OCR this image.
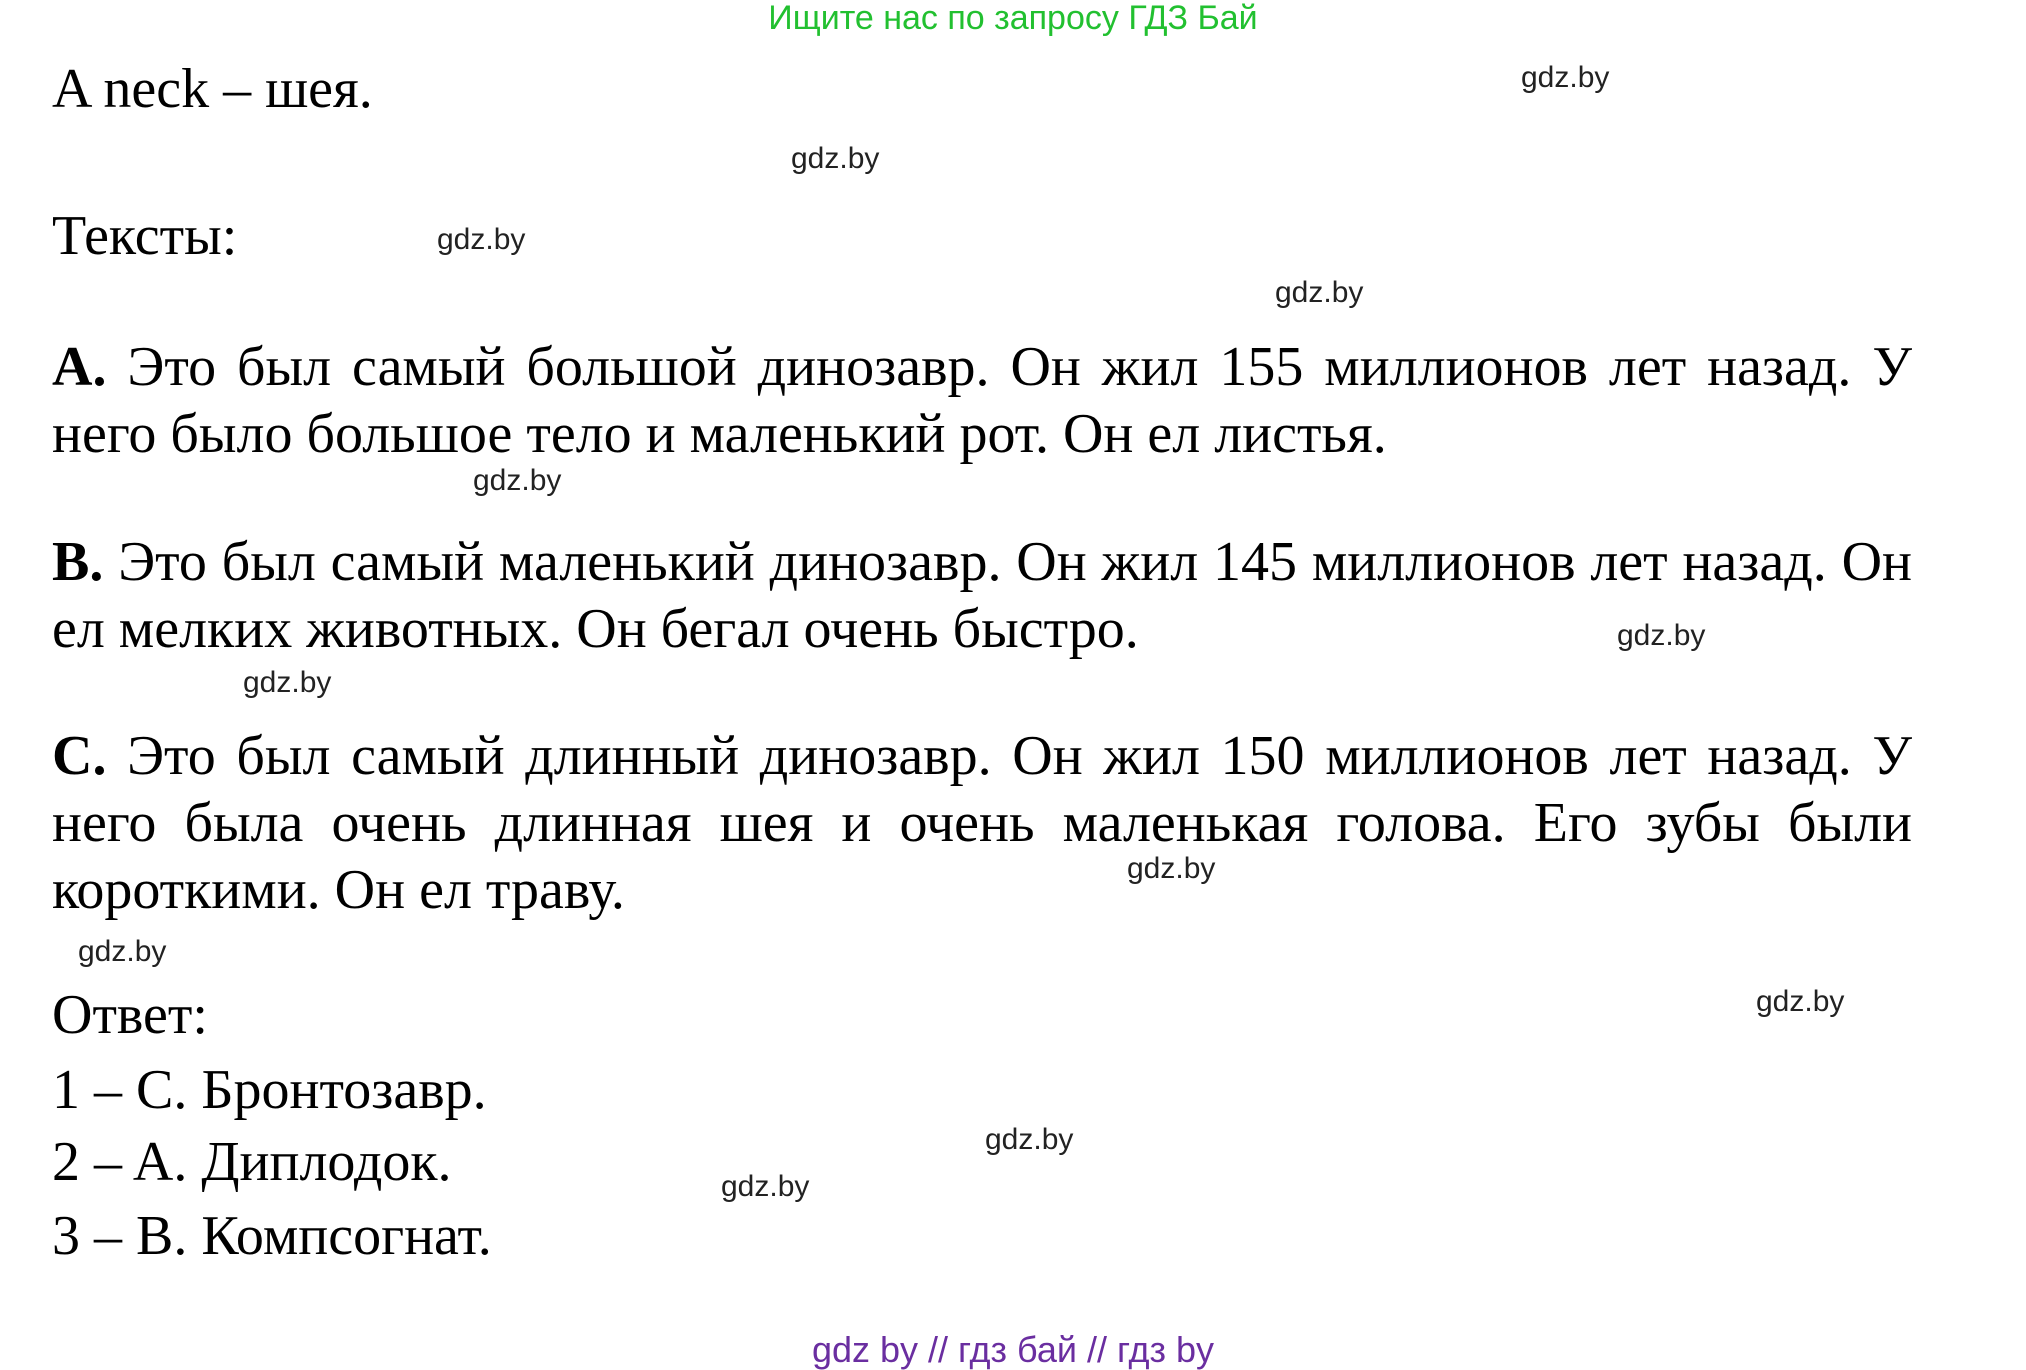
Ищите нас по запросу ГДЗ Бай
A neck – шея.
Тексты:
A. Это был самый большой динозавр. Он жил 155 миллионов лет назад. У него было большое тело и маленький рот. Он ел листья.
B. Это был самый маленький динозавр. Он жил 145 миллионов лет назад. Он ел мелких животных. Он бегал очень быстро.
C. Это был самый длинный динозавр. Он жил 150 миллионов лет назад. У него была очень длинная шея и очень маленькая голова. Его зубы были короткими. Он ел траву.
Ответ:
1 – C. Бронтозавр.
2 – A. Диплодок.
3 – B. Компсогнат.
gdz.by
gdz.by
gdz.by
gdz.by
gdz.by
gdz.by
gdz.by
gdz.by
gdz.by
gdz.by
gdz.by
gdz.by
gdz by // гдз бай // гдз by
